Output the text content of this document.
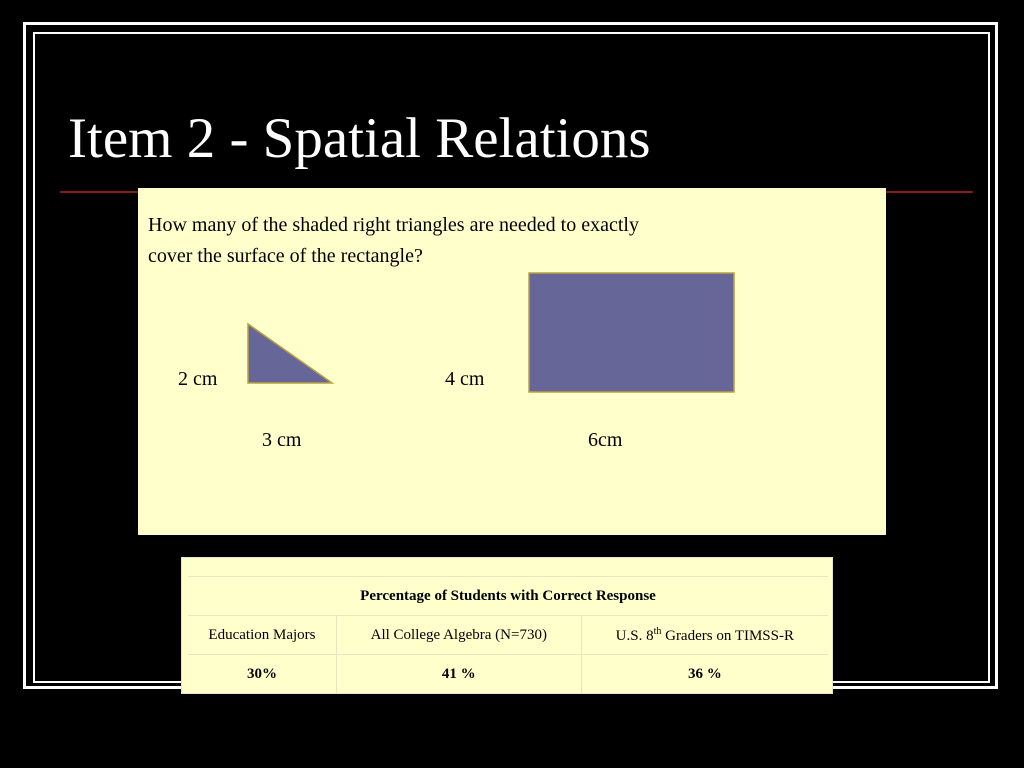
Item 2 - Spatial Relations
How many of the shaded right triangles are needed to exactly
cover the surface of the rectangle?
2 cm
3 cm
4 cm
6cm
Percentage of Students with Correct Response		
Education Majors	All College Algebra (N=730)	U.S. 8th Graders on TIMSS-R
30%	41 %	36 %
